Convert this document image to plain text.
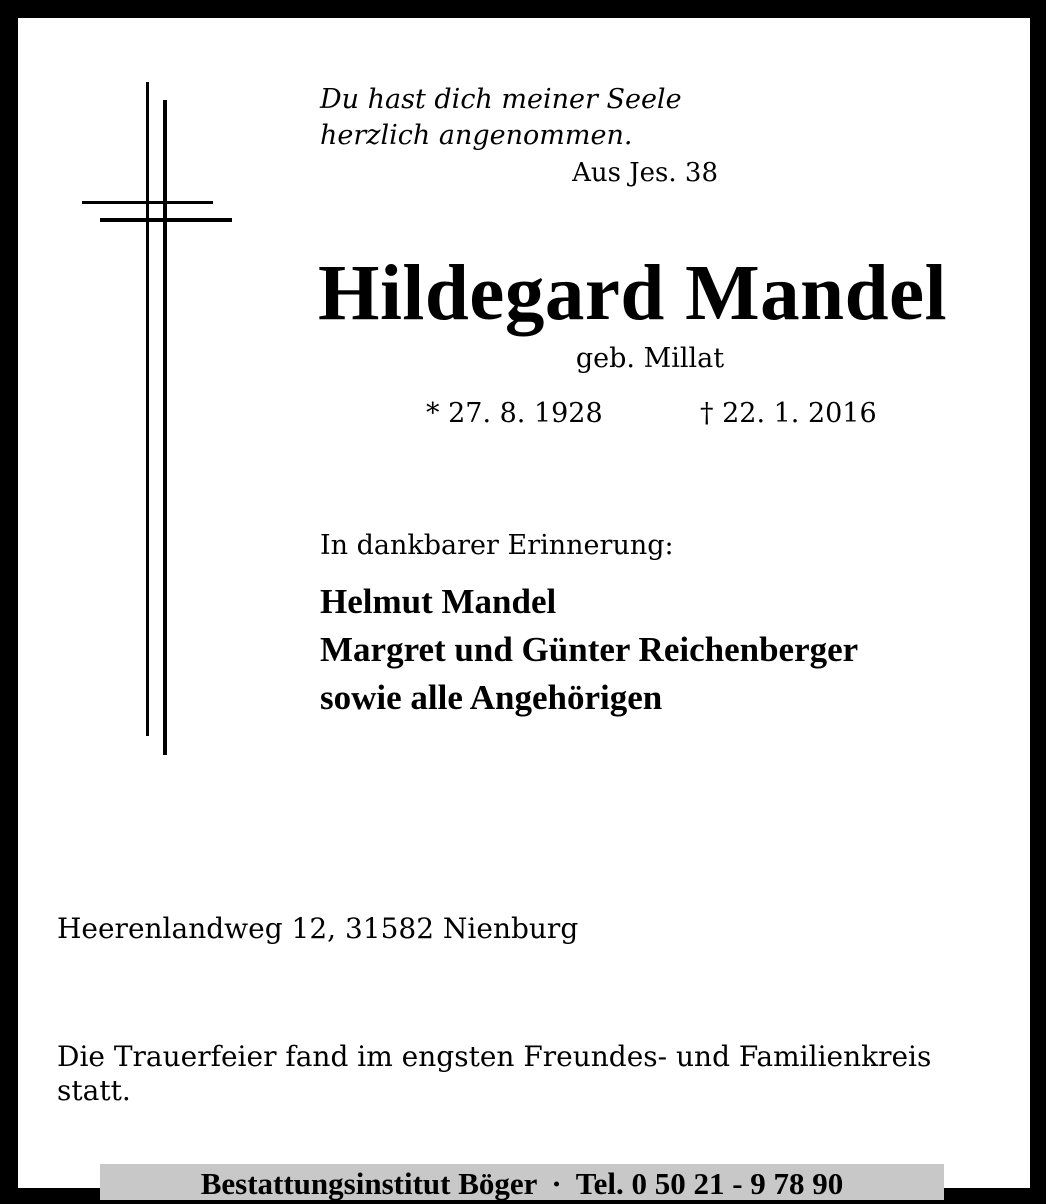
Du hast dich meiner Seele
herzlich angenommen.
Aus Jes. 38
Hildegard Mandel
geb. Millat
* 27. 8. 1928	† 22. 1. 2016
In dankbarer Erinnerung:
Helmut Mandel
Margret und Günter Reichenberger
sowie alle Angehörigen
Heerenlandweg 12, 31582 Nienburg
Die Trauerfeier fand im engsten Freundes- und Familienkreis statt.
Bestattungsinstitut Böger · Tel. 0 50 21 - 9 78 90
